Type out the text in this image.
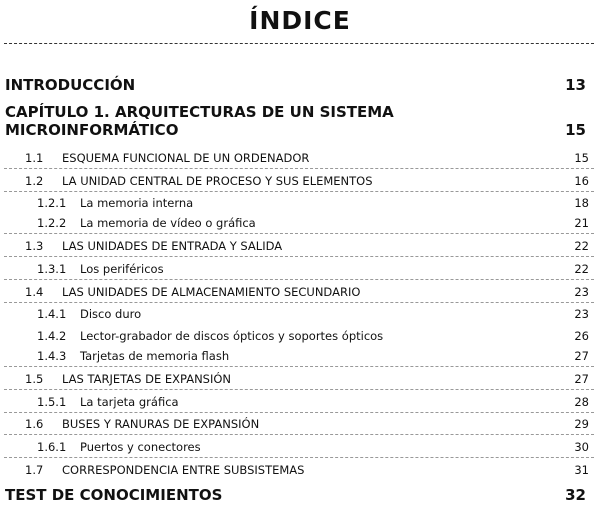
ÍNDICE
INTRODUCCIÓN	13
CAPÍTULO 1. ARQUITECTURAS DE UN SISTEMA
MICROINFORMÁTICO	15
1.1	ESQUEMA FUNCIONAL DE UN ORDENADOR	15
1.2	LA UNIDAD CENTRAL DE PROCESO Y SUS ELEMENTOS	16
1.2.1	La memoria interna	18
1.2.2	La memoria de vídeo o gráfica	21
1.3	LAS UNIDADES DE ENTRADA Y SALIDA	22
1.3.1	Los periféricos	22
1.4	LAS UNIDADES DE ALMACENAMIENTO SECUNDARIO	23
1.4.1	Disco duro	23
1.4.2	Lector-grabador de discos ópticos y soportes ópticos	26
1.4.3	Tarjetas de memoria flash	27
1.5	LAS TARJETAS DE EXPANSIÓN	27
1.5.1	La tarjeta gráfica	28
1.6	BUSES Y RANURAS DE EXPANSIÓN	29
1.6.1	Puertos y conectores	30
1.7	CORRESPONDENCIA ENTRE SUBSISTEMAS	31
TEST DE CONOCIMIENTOS	32
